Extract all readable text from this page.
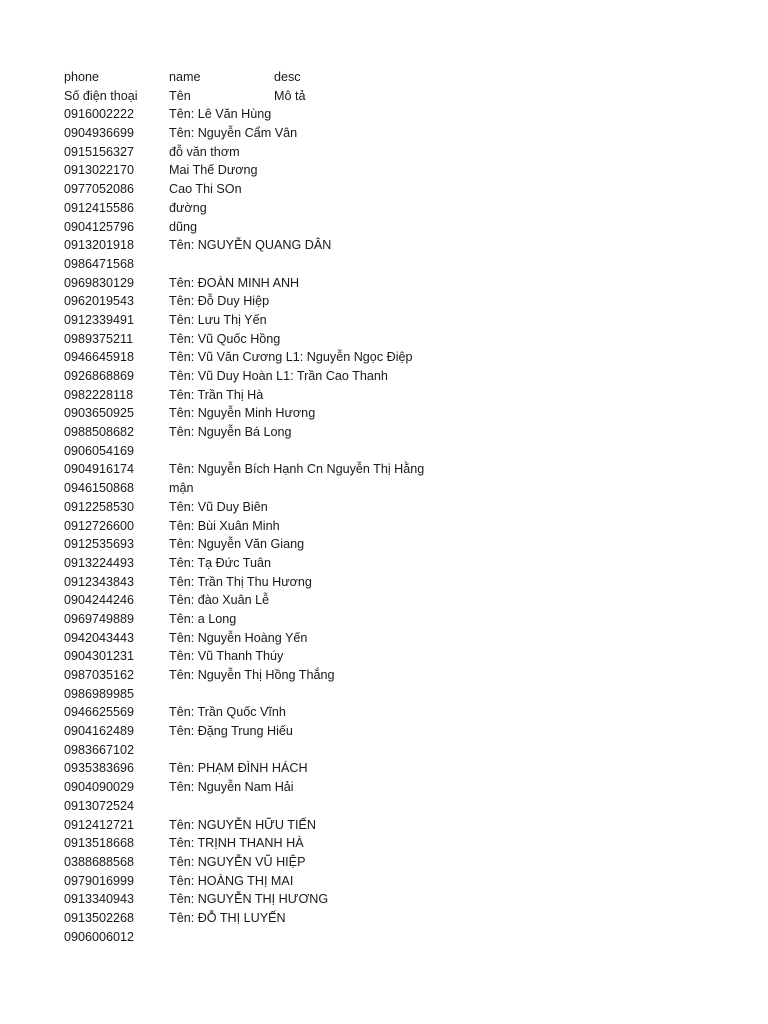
phone	name	desc
Số điện thoại	Tên	Mô tả
0916002222	Tên: Lê Văn Hùng
0904936699	Tên: Nguyễn Cẩm Vân
0915156327	đỗ văn thơm
0913022170	Mai Thế Dương
0977052086	Cao Thi SOn
0912415586	đường
0904125796	dũng
0913201918	Tên: NGUYỄN QUANG DÂN
0986471568
0969830129	Tên: ĐOÀN MINH ANH
0962019543	Tên: Đỗ Duy Hiệp
0912339491	Tên: Lưu Thị Yến
0989375211	Tên: Vũ Quốc Hồng
0946645918	Tên: Vũ Văn Cương L1: Nguyễn Ngọc Điệp
0926868869	Tên: Vũ Duy Hoàn L1: Trần Cao Thanh
0982228118	Tên: Trần Thị Hà
0903650925	Tên: Nguyễn Minh Hương
0988508682	Tên: Nguyễn Bá Long
0906054169
0904916174	Tên: Nguyễn Bích Hạnh Cn Nguyễn Thị Hằng
0946150868	mận
0912258530	Tên: Vũ Duy Biên
0912726600	Tên: Bùi Xuân Minh
0912535693	Tên: Nguyễn Văn Giang
0913224493	Tên: Tạ Đức Tuân
0912343843	Tên: Trần Thị Thu Hương
0904244246	Tên: đào Xuân Lễ
0969749889	Tên: a Long
0942043443	Tên: Nguyễn Hoàng Yến
0904301231	Tên: Vũ Thanh Thúy
0987035162	Tên: Nguyễn Thị Hồng Thắng
0986989985
0946625569	Tên: Trần Quốc Vĩnh
0904162489	Tên: Đặng Trung Hiếu
0983667102
0935383696	Tên: PHẠM ĐÌNH HÁCH
0904090029	Tên: Nguyễn Nam Hải
0913072524
0912412721	Tên: NGUYỄN HỮU TIẾN
0913518668	Tên: TRỊNH THANH HÀ
0388688568	Tên: NGUYỄN VŨ HIỆP
0979016999	Tên: HOÀNG THỊ MAI
0913340943	Tên: NGUYỄN THỊ HƯƠNG
0913502268	Tên: ĐỖ THỊ LUYẾN
0906006012
